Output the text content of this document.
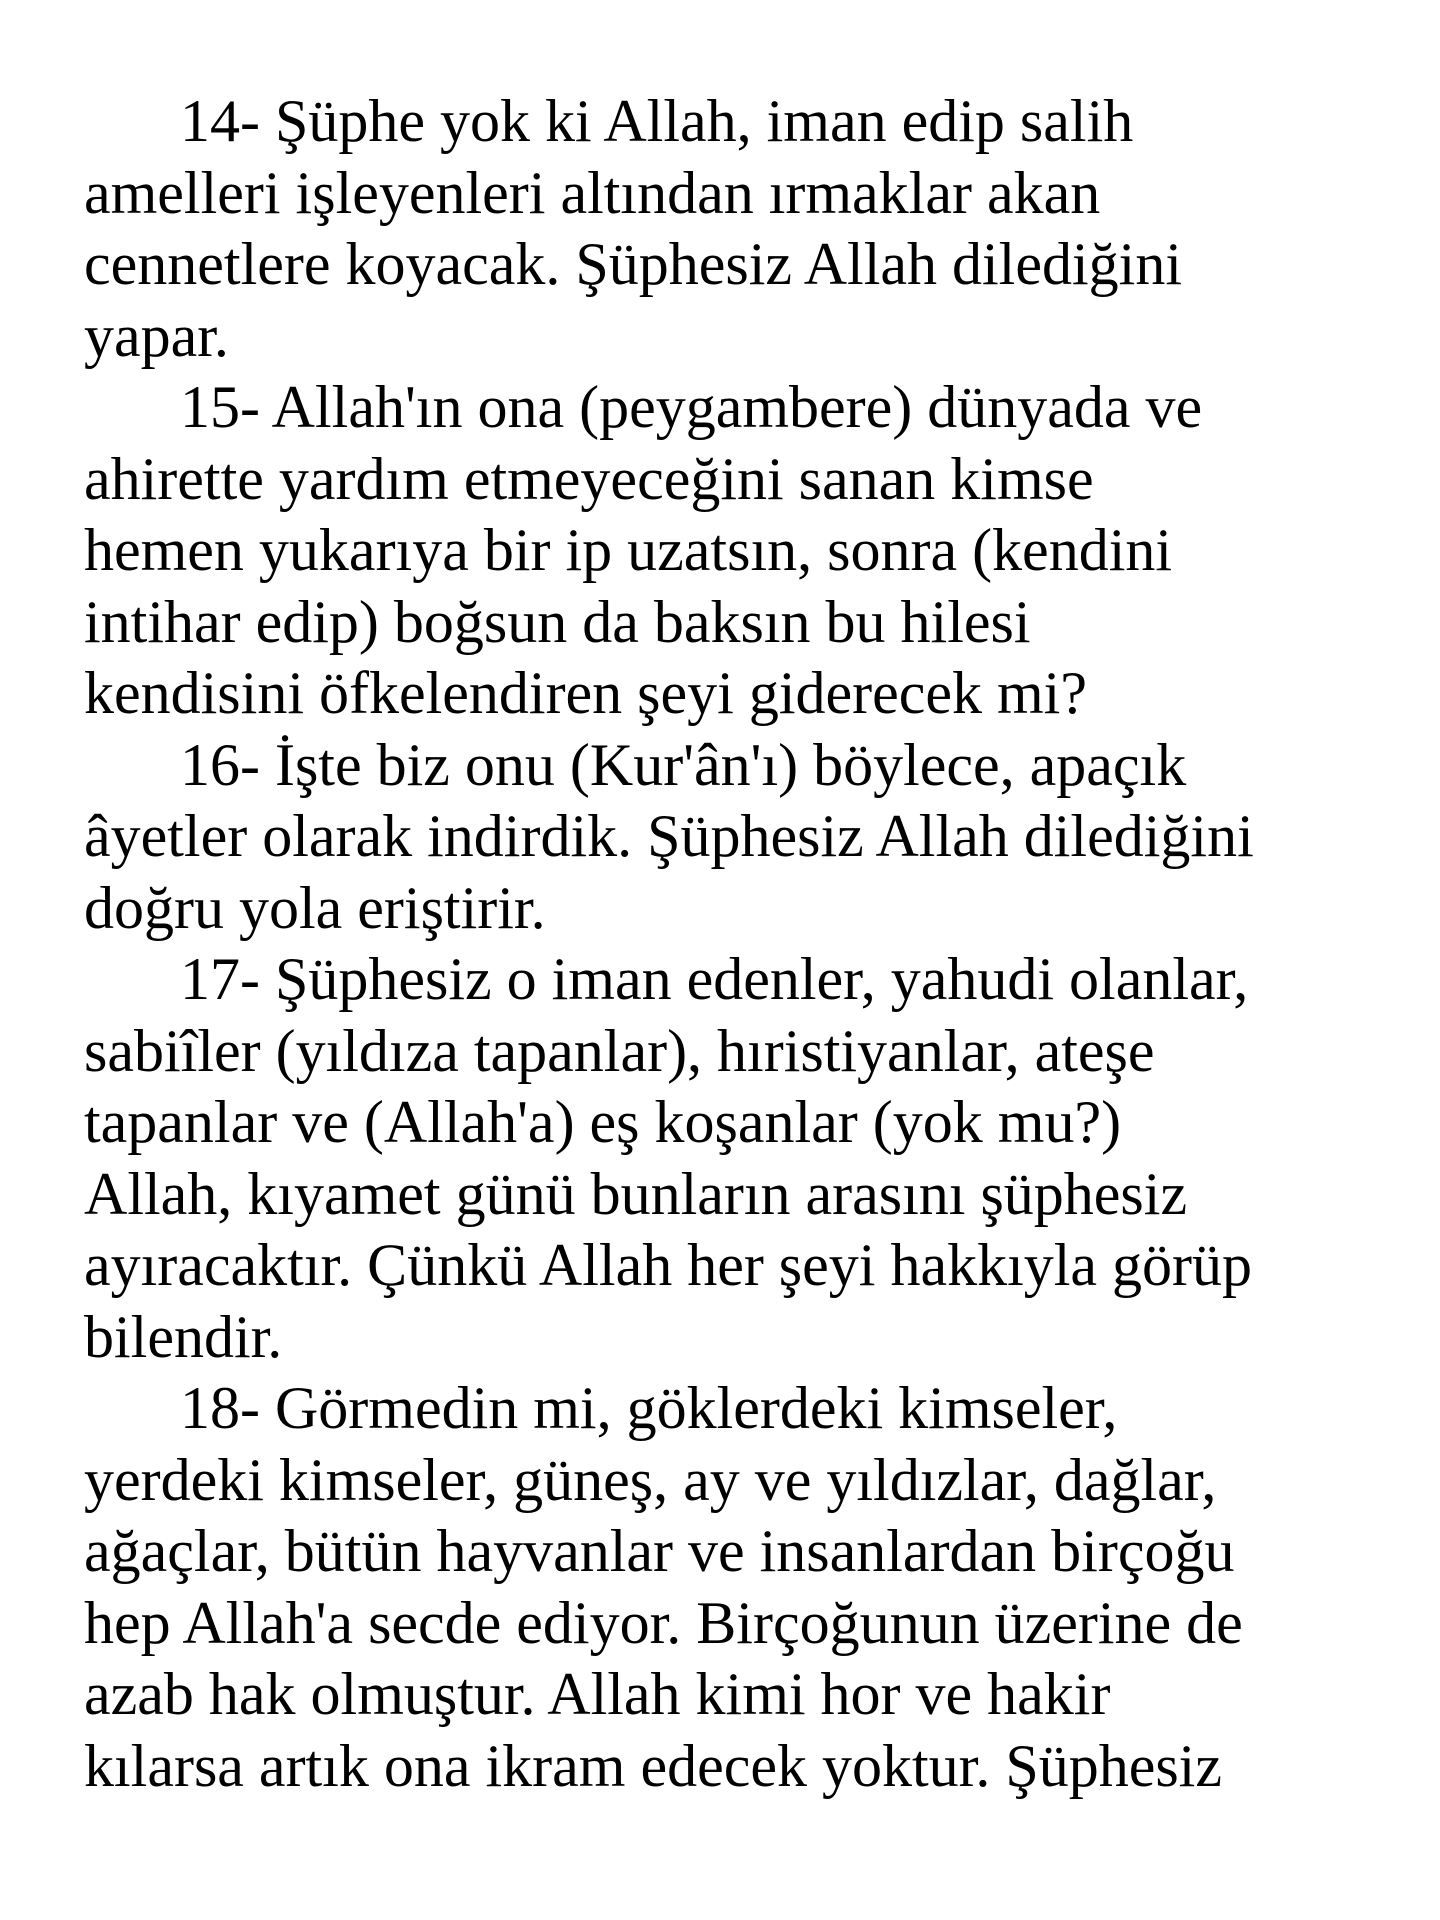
14- Şüphe yok ki Allah, iman edip salih

amelleri işleyenleri altından ırmaklar akan

cennetlere koyacak. Şüphesiz Allah dilediğini

yapar.

15- Allah'ın ona (peygambere) dünyada ve

ahirette yardım etmeyeceğini sanan kimse

hemen yukarıya bir ip uzatsın, sonra (kendini

intihar edip) boğsun da baksın bu hilesi

kendisini öfkelendiren şeyi giderecek mi?

16- İşte biz onu (Kur'ân'ı) böylece, apaçık

âyetler olarak indirdik. Şüphesiz Allah dilediğini

doğru yola eriştirir.

17- Şüphesiz o iman edenler, yahudi olanlar,

sabiîler (yıldıza tapanlar), hıristiyanlar, ateşe

tapanlar ve (Allah'a) eş koşanlar (yok mu?)

Allah, kıyamet günü bunların arasını şüphesiz

ayıracaktır. Çünkü Allah her şeyi hakkıyla görüp

bilendir.

18- Görmedin mi, göklerdeki kimseler,

yerdeki kimseler, güneş, ay ve yıldızlar, dağlar,

ağaçlar, bütün hayvanlar ve insanlardan birçoğu

hep Allah'a secde ediyor. Birçoğunun üzerine de

azab hak olmuştur. Allah kimi hor ve hakir

kılarsa artık ona ikram edecek yoktur. Şüphesiz
